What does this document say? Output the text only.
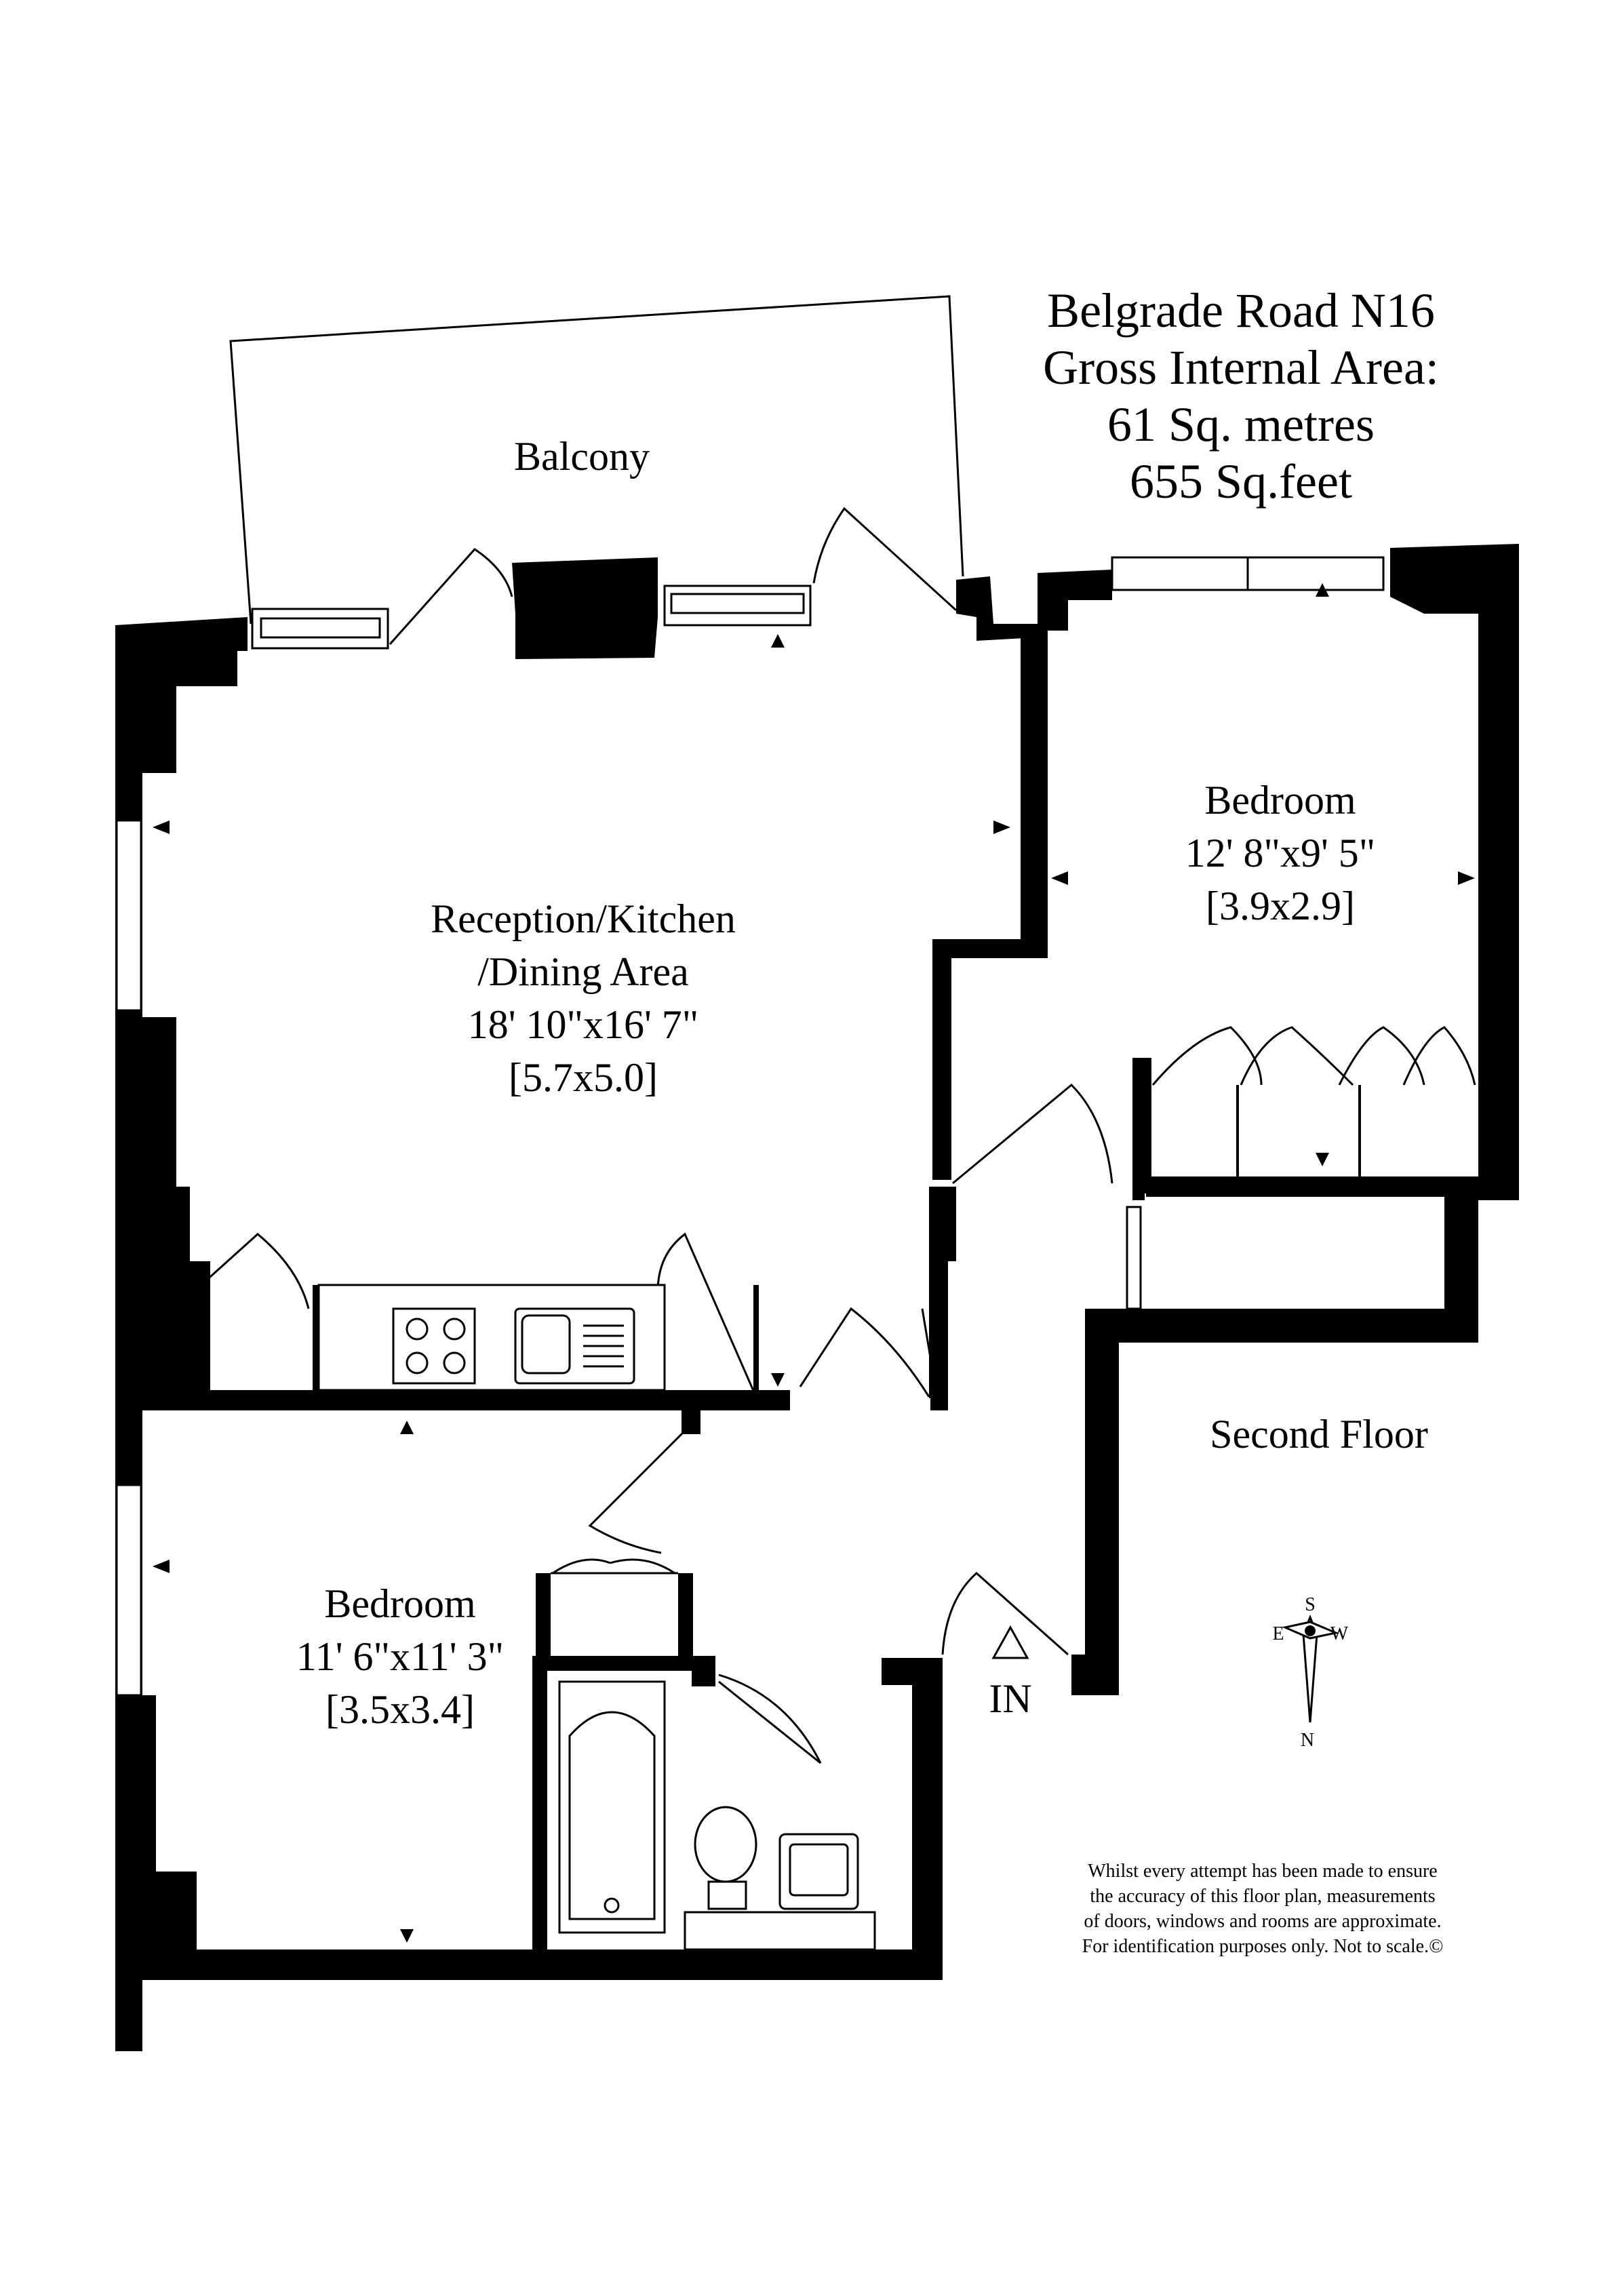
Belgrade Road N16
Gross Internal Area:
61 Sq. metres
655 Sq.feet
Balcony
Reception/Kitchen
/Dining Area
18' 10"x16' 7"
[5.7x5.0]
Bedroom
12' 8"x9' 5"
[3.9x2.9]
Bedroom
11' 6"x11' 3"
[3.5x3.4]
Second Floor
IN
S
W
E
N
Whilst every attempt has been made to ensure
the accuracy of this floor plan, measurements
of doors, windows and rooms are approximate.
For identification purposes only. Not to scale.©
